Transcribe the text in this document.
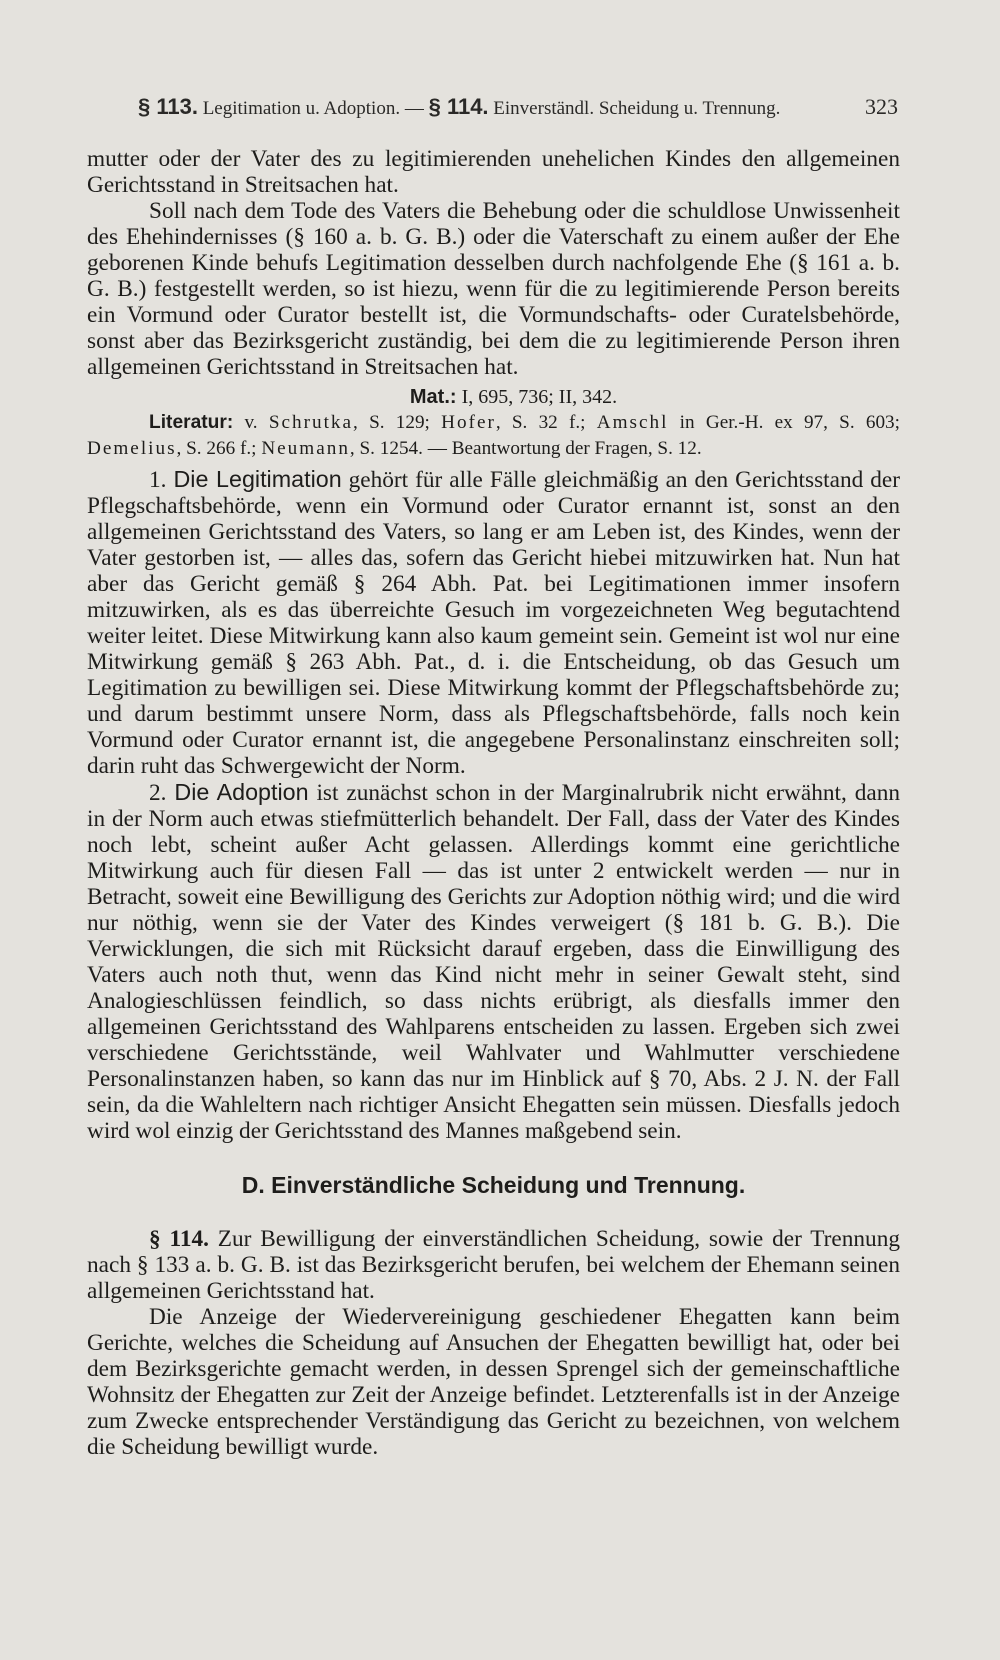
§ 113. Legitimation u. Adoption. — § 114. Einverständl. Scheidung u. Trennung.	323

mutter oder der Vater des zu legitimierenden unehelichen Kindes den allgemeinen Gerichtsstand in Streitsachen hat.

Soll nach dem Tode des Vaters die Behebung oder die schuldlose Unwissenheit des Ehehindernisses (§ 160 a. b. G. B.) oder die Vaterschaft zu einem außer der Ehe geborenen Kinde behufs Legitimation desselben durch nachfolgende Ehe (§ 161 a. b. G. B.) festgestellt werden, so ist hiezu, wenn für die zu legitimierende Person bereits ein Vormund oder Curator bestellt ist, die Vormundschafts- oder Curatelsbehörde, sonst aber das Bezirksgericht zuständig, bei dem die zu legitimierende Person ihren allgemeinen Gerichtsstand in Streitsachen hat.

Mat.: I, 695, 736; II, 342.

Literatur: v. Schrutka, S. 129; Hofer, S. 32 f.; Amschl in Ger.-H. ex 97, S. 603; Demelius, S. 266 f.; Neumann, S. 1254. — Beantwortung der Fragen, S. 12.

1. Die Legitimation gehört für alle Fälle gleichmäßig an den Gerichtsstand der Pflegschaftsbehörde, wenn ein Vormund oder Curator ernannt ist, sonst an den allgemeinen Gerichtsstand des Vaters, so lang er am Leben ist, des Kindes, wenn der Vater gestorben ist, — alles das, sofern das Gericht hiebei mitzuwirken hat. Nun hat aber das Gericht gemäß § 264 Abh. Pat. bei Legitimationen immer insofern mitzuwirken, als es das überreichte Gesuch im vorgezeichneten Weg begutachtend weiter leitet. Diese Mitwirkung kann also kaum gemeint sein. Gemeint ist wol nur eine Mitwirkung gemäß § 263 Abh. Pat., d. i. die Entscheidung, ob das Gesuch um Legitimation zu bewilligen sei. Diese Mitwirkung kommt der Pflegschaftsbehörde zu; und darum bestimmt unsere Norm, dass als Pflegschaftsbehörde, falls noch kein Vormund oder Curator ernannt ist, die angegebene Personalinstanz einschreiten soll; darin ruht das Schwergewicht der Norm.

2. Die Adoption ist zunächst schon in der Marginalrubrik nicht erwähnt, dann in der Norm auch etwas stiefmütterlich behandelt. Der Fall, dass der Vater des Kindes noch lebt, scheint außer Acht gelassen. Allerdings kommt eine gerichtliche Mitwirkung auch für diesen Fall — das ist unter 2 entwickelt werden — nur in Betracht, soweit eine Bewilligung des Gerichts zur Adoption nöthig wird; und die wird nur nöthig, wenn sie der Vater des Kindes verweigert (§ 181 b. G. B.). Die Verwicklungen, die sich mit Rücksicht darauf ergeben, dass die Einwilligung des Vaters auch noth thut, wenn das Kind nicht mehr in seiner Gewalt steht, sind Analogieschlüssen feindlich, so dass nichts erübrigt, als diesfalls immer den allgemeinen Gerichtsstand des Wahlparens entscheiden zu lassen. Ergeben sich zwei verschiedene Gerichtsstände, weil Wahlvater und Wahlmutter verschiedene Personalinstanzen haben, so kann das nur im Hinblick auf § 70, Abs. 2 J. N. der Fall sein, da die Wahleltern nach richtiger Ansicht Ehegatten sein müssen. Diesfalls jedoch wird wol einzig der Gerichtsstand des Mannes maßgebend sein.

D. Einverständliche Scheidung und Trennung.

§ 114. Zur Bewilligung der einverständlichen Scheidung, sowie der Trennung nach § 133 a. b. G. B. ist das Bezirksgericht berufen, bei welchem der Ehemann seinen allgemeinen Gerichtsstand hat.

Die Anzeige der Wiedervereinigung geschiedener Ehegatten kann beim Gerichte, welches die Scheidung auf Ansuchen der Ehegatten bewilligt hat, oder bei dem Bezirksgerichte gemacht werden, in dessen Sprengel sich der gemeinschaftliche Wohnsitz der Ehegatten zur Zeit der Anzeige befindet. Letzterenfalls ist in der Anzeige zum Zwecke entsprechender Verständigung das Gericht zu bezeichnen, von welchem die Scheidung bewilligt wurde.
